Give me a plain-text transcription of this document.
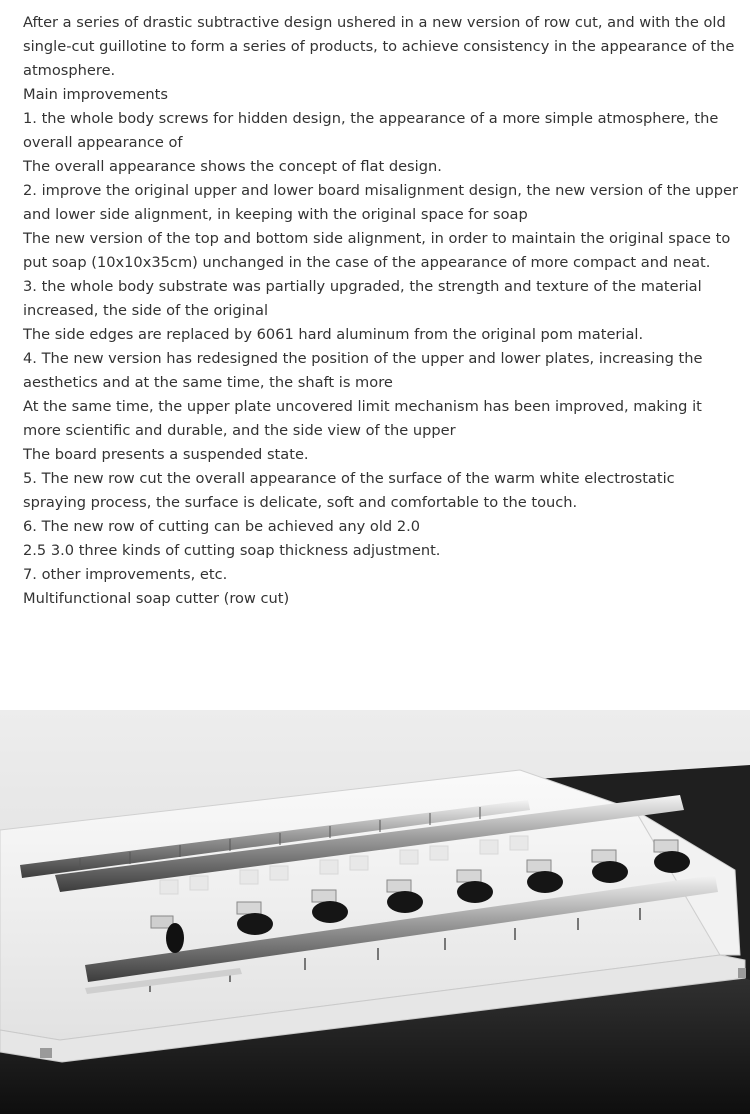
After a series of drastic subtractive design ushered in a new version of row cut, and with the old single-cut guillotine to form a series of products, to achieve consistency in the appearance of the atmosphere.

Main improvements

1. the whole body screws for hidden design, the appearance of a more simple atmosphere, the overall appearance of

The overall appearance shows the concept of flat design.

2. improve the original upper and lower board misalignment design, the new version of the upper and lower side alignment, in keeping with the original space for soap

The new version of the top and bottom side alignment, in order to maintain the original space to put soap (10x10x35cm) unchanged in the case of the appearance of more compact and neat.

3. the whole body substrate was partially upgraded, the strength and texture of the material increased, the side of the original

The side edges are replaced by 6061 hard aluminum from the original pom material.

4. The new version has redesigned the position of the upper and lower plates, increasing the aesthetics and at the same time, the shaft is more

At the same time, the upper plate uncovered limit mechanism has been improved, making it more scientific and durable, and the side view of the upper

The board presents a suspended state.

5. The new row cut the overall appearance of the surface of the warm white electrostatic spraying process, the surface is delicate, soft and comfortable to the touch.

6. The new row of cutting can be achieved any old 2.0

2.5 3.0 three kinds of cutting soap thickness adjustment.

7. other improvements, etc.

Multifunctional soap cutter (row cut)
